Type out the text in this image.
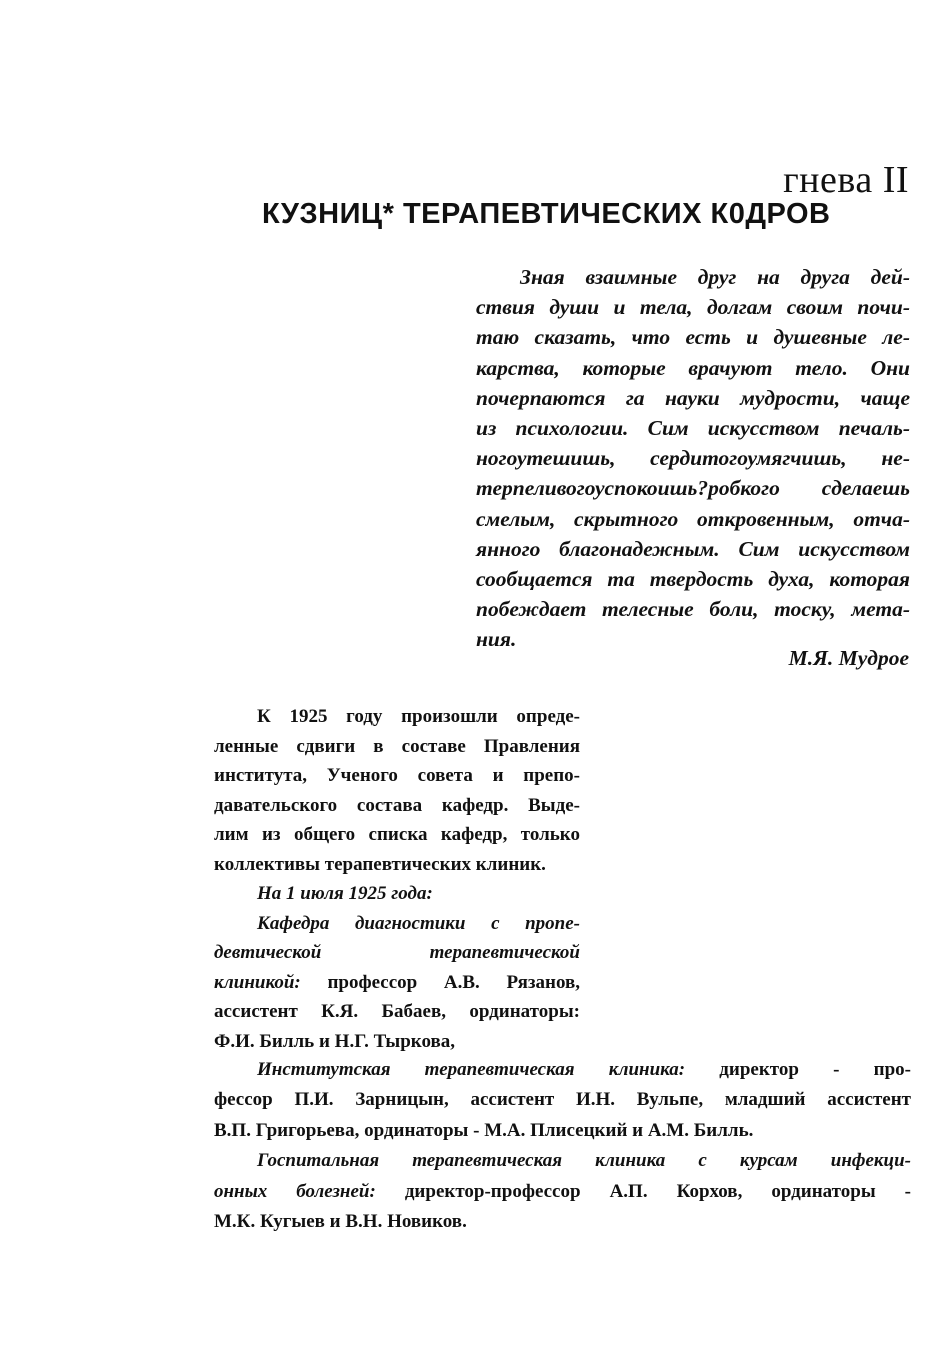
гнева II
КУЗНИЦ* ТЕРАПЕВТИЧЕСКИХ К0ДРОВ
Зная взаимные друг на друга дей-
ствия души и тела, долгам своим почи-
таю сказать, что есть и душевные ле-
карства, которые врачуют тело. Они
почерпаются га науки мудрости, чаще
из психологии. Сим искусством печаль-
ногоутешишь, сердитогоумягчишь, не-
терпеливогоуспокоишь?робкого сделаешь
смелым, скрытного откровенным, отча-
янного благонадежным. Сим искусством
сообщается та твердость духа, которая
побеждает телесные боли, тоску, мета-
ния.
М.Я. Мудрое
К 1925 году произошли опреде-
ленные сдвиги в составе Правления
института, Ученого совета и препо-
давательского состава кафедр. Выде-
лим из общего списка кафедр, только
коллективы терапевтических клиник.
На 1 июля 1925 года:
Кафедра диагностики с пропе-
девтической терапевтической
клиникой: профессор А.В. Рязанов,
ассистент К.Я. Бабаев, ординаторы:
Ф.И. Билль и Н.Г. Тыркова,
Институтская терапевтическая клиника: директор - про-
фессор П.И. Зарницын, ассистент И.Н. Вульпе, младший ассистент
В.П. Григорьева, ординаторы - М.А. Плисецкий и А.М. Билль.
Госпитальная терапевтическая клиника с курсам инфекци-
онных болезней: директор-профессор А.П. Корхов, ординаторы -
М.К. Кугыев и В.Н. Новиков.
